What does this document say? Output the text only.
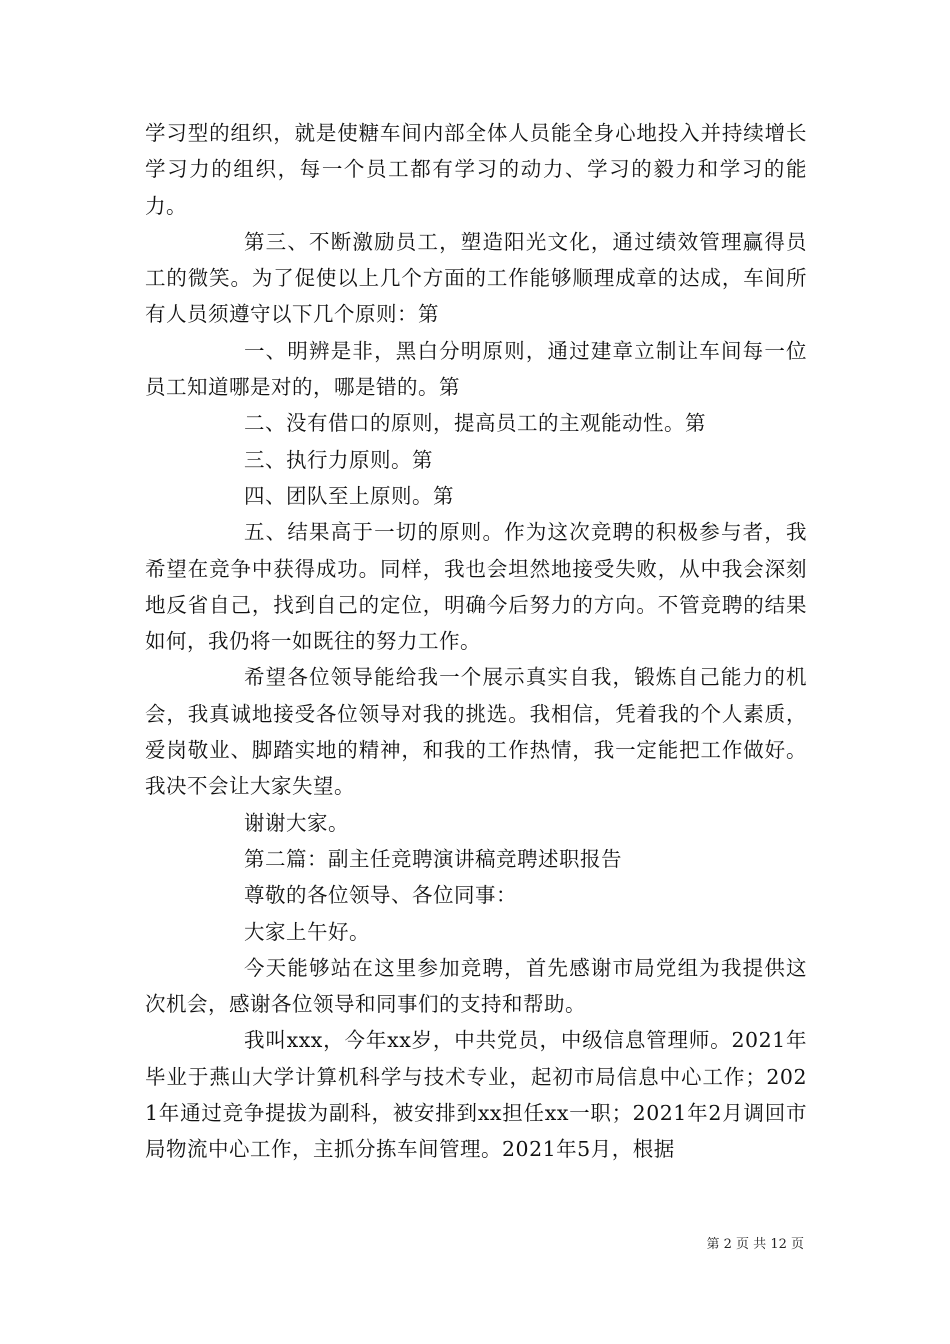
学习型的组织，就是使糖车间内部全体人员能全身心地投入并持续增长学习力的组织，每一个员工都有学习的动力、学习的毅力和学习的能力。

第三、不断激励员工，塑造阳光文化，通过绩效管理赢得员工的微笑。为了促使以上几个方面的工作能够顺理成章的达成，车间所有人员须遵守以下几个原则：第

一、明辨是非，黑白分明原则，通过建章立制让车间每一位员工知道哪是对的，哪是错的。第

二、没有借口的原则，提高员工的主观能动性。第

三、执行力原则。第

四、团队至上原则。第

五、结果高于一切的原则。作为这次竞聘的积极参与者，我希望在竞争中获得成功。同样，我也会坦然地接受失败，从中我会深刻地反省自己，找到自己的定位，明确今后努力的方向。不管竞聘的结果如何，我仍将一如既往的努力工作。

希望各位领导能给我一个展示真实自我，锻炼自己能力的机会，我真诚地接受各位领导对我的挑选。我相信，凭着我的个人素质，爱岗敬业、脚踏实地的精神，和我的工作热情，我一定能把工作做好。我决不会让大家失望。

谢谢大家。

第二篇：副主任竞聘演讲稿竞聘述职报告

尊敬的各位领导、各位同事：

大家上午好。

今天能够站在这里参加竞聘，首先感谢市局党组为我提供这次机会，感谢各位领导和同事们的支持和帮助。

我叫xxx，今年xx岁，中共党员，中级信息管理师。2021年毕业于燕山大学计算机科学与技术专业，起初市局信息中心工作；2021年通过竞争提拔为副科，被安排到xx担任xx一职；2021年2月调回市局物流中心工作，主抓分拣车间管理。2021年5月，根据

第 2 页 共 12 页
